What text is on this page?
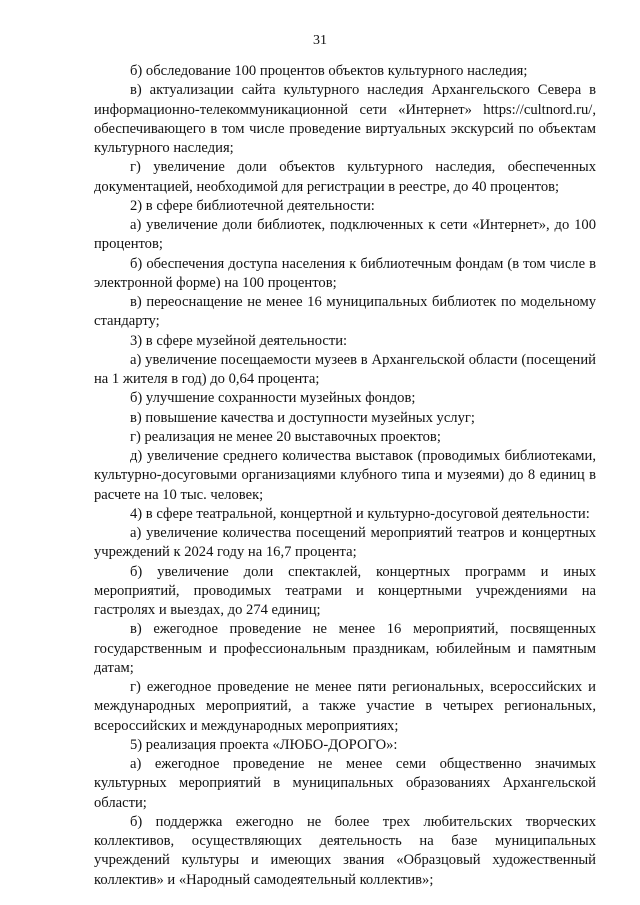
31

б) обследование 100 процентов объектов культурного наследия;

в) актуализации сайта культурного наследия Архангельского Севера в информационно-телекоммуникационной сети «Интернет» https://cultnord.ru/, обеспечивающего в том числе проведение виртуальных экскурсий по объектам культурного наследия;

г) увеличение доли объектов культурного наследия, обеспеченных документацией, необходимой для регистрации в реестре, до 40 процентов;

2) в сфере библиотечной деятельности:

а) увеличение доли библиотек, подключенных к сети «Интернет», до 100 процентов;

б) обеспечения доступа населения к библиотечным фондам (в том числе в электронной форме) на 100 процентов;

в) переоснащение не менее 16 муниципальных библиотек по модельному стандарту;

3) в сфере музейной деятельности:

а) увеличение посещаемости музеев в Архангельской области (посещений на 1 жителя в год) до 0,64 процента;

б) улучшение сохранности музейных фондов;

в) повышение качества и доступности музейных услуг;

г) реализация не менее 20 выставочных проектов;

д) увеличение среднего количества выставок (проводимых библиотеками, культурно-досуговыми организациями клубного типа и музеями) до 8 единиц в расчете на 10 тыс. человек;

4) в сфере театральной, концертной и культурно-досуговой деятельности:

а) увеличение количества посещений мероприятий театров и концертных учреждений к 2024 году на 16,7 процента;

б) увеличение доли спектаклей, концертных программ и иных мероприятий, проводимых театрами и концертными учреждениями на гастролях и выездах, до 274 единиц;

в) ежегодное проведение не менее 16 мероприятий, посвященных государственным и профессиональным праздникам, юбилейным и памятным датам;

г) ежегодное проведение не менее пяти региональных, всероссийских и международных мероприятий, а также участие в четырех региональных, всероссийских и международных мероприятиях;

5) реализация проекта «ЛЮБО-ДОРОГО»:

а) ежегодное проведение не менее семи общественно значимых культурных мероприятий в муниципальных образованиях Архангельской области;

б) поддержка ежегодно не более трех любительских творческих коллективов, осуществляющих деятельность на базе муниципальных учреждений культуры и имеющих звания «Образцовый художественный коллектив» и «Народный самодеятельный коллектив»;
